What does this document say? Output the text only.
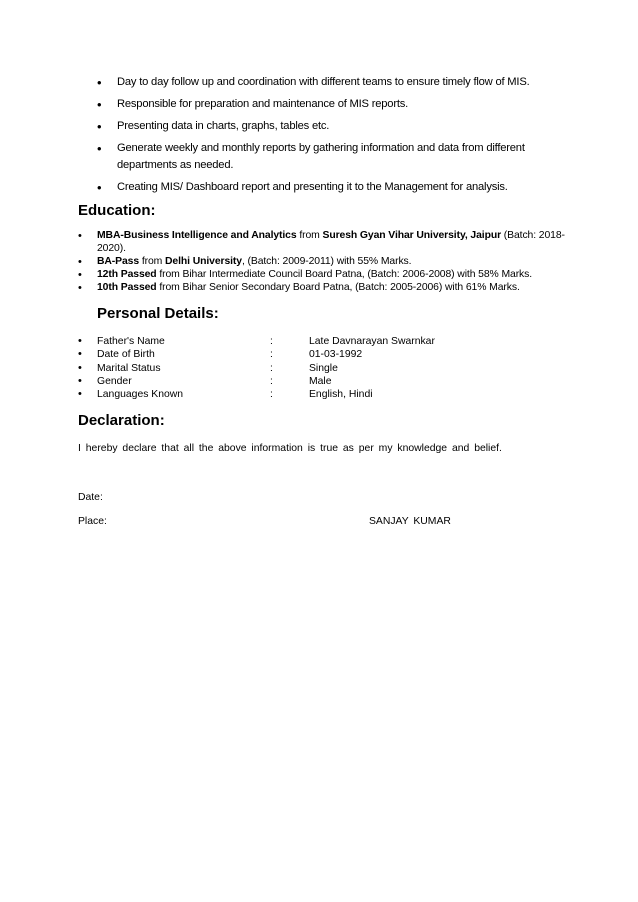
• Day to day follow up and coordination with different teams to ensure timely flow of MIS.
• Responsible for preparation and maintenance of MIS reports.
• Presenting data in charts, graphs, tables etc.
• Generate weekly and monthly reports by gathering information and data from different departments as needed.
• Creating MIS/ Dashboard report and presenting it to the Management for analysis.
Education:
• MBA-Business Intelligence and Analytics from Suresh Gyan Vihar University, Jaipur (Batch: 2018-2020).
• BA-Pass from Delhi University, (Batch: 2009-2011) with 55% Marks.
• 12th Passed from Bihar Intermediate Council Board Patna, (Batch: 2006-2008) with 58% Marks.
• 10th Passed from Bihar Senior Secondary Board Patna, (Batch: 2005-2006) with 61% Marks.
Personal Details:
• Father's Name	:	Late Davnarayan Swarnkar
• Date of Birth	:	01-03-1992
• Marital Status	:	Single
• Gender	:	Male
• Languages Known	:	English, Hindi
Declaration:

I hereby declare that all the above information is true as per my knowledge and belief.

Date:

Place:	SANJAY KUMAR
